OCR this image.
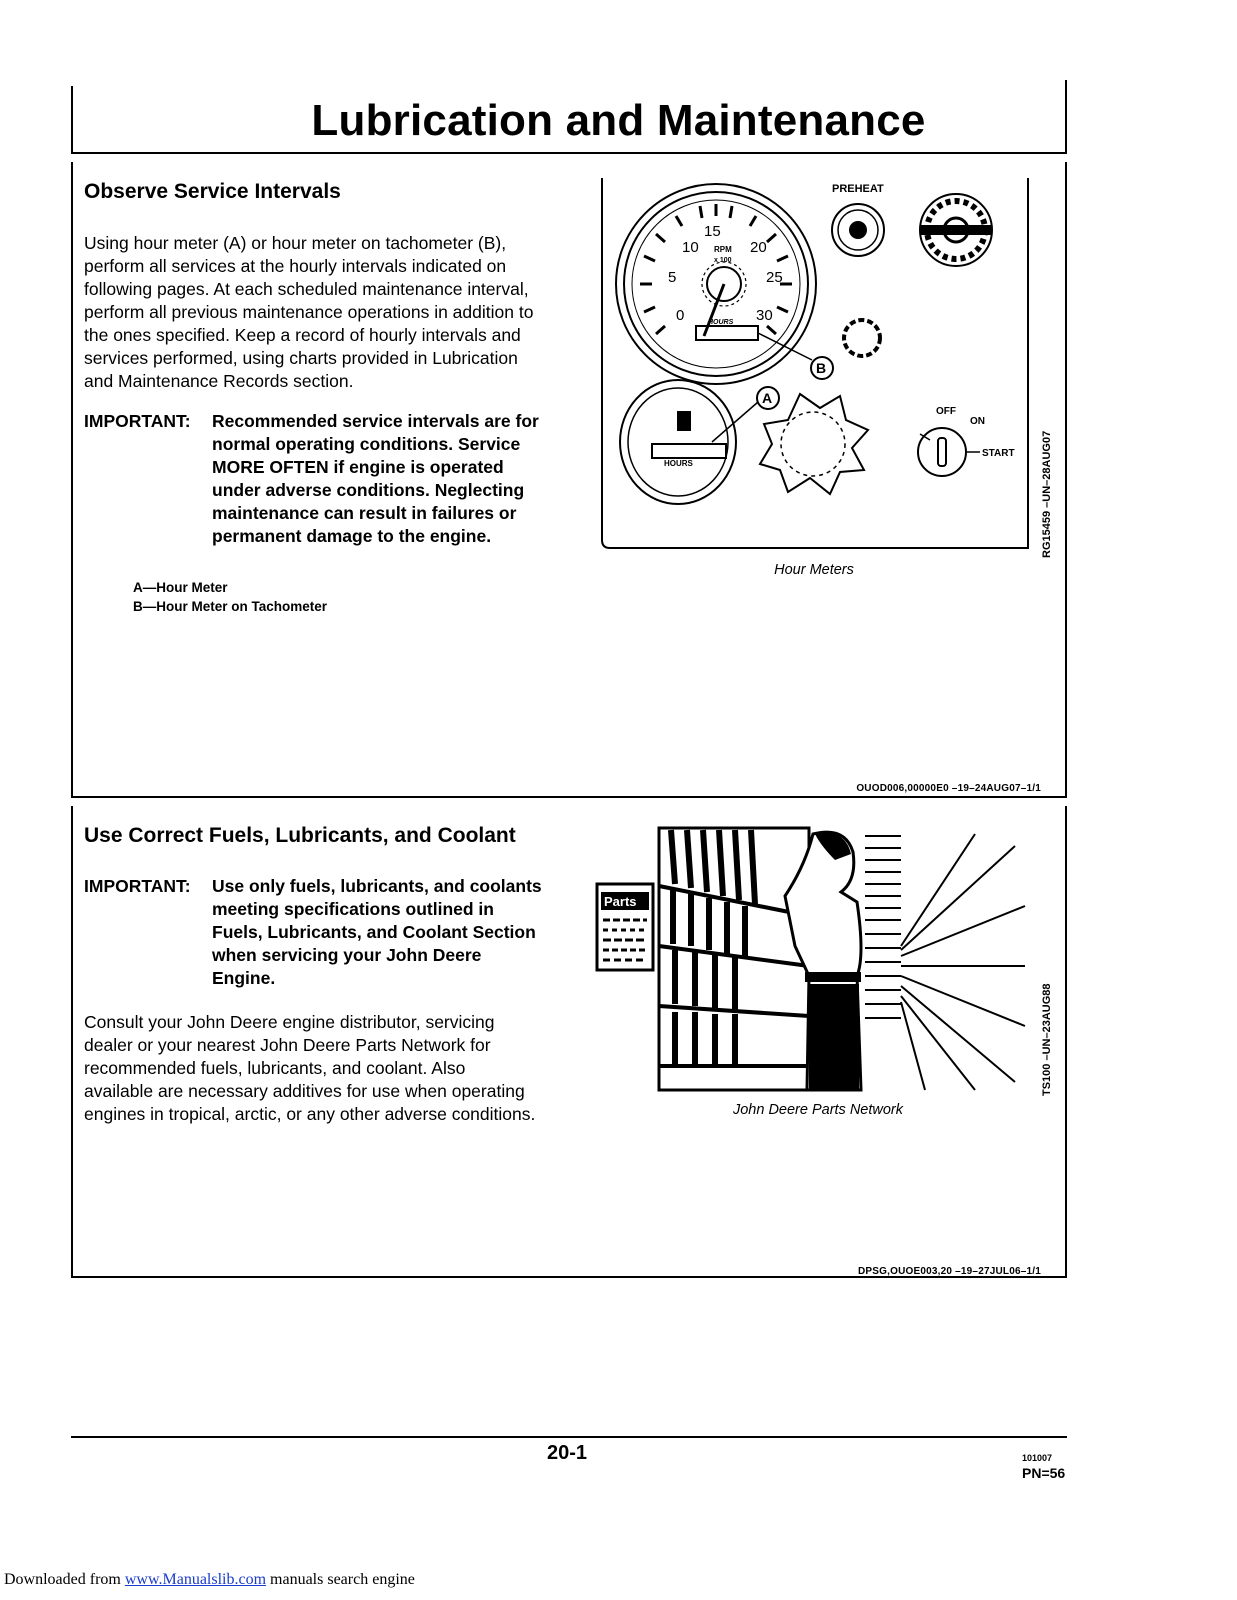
Lubrication and Maintenance
Observe Service Intervals
Using hour meter (A) or hour meter on tachometer (B),
perform all services at the hourly intervals indicated on
following pages. At each scheduled maintenance interval,
perform all previous maintenance operations in addition to
the ones specified. Keep a record of hourly intervals and
services performed, using charts provided in Lubrication
and Maintenance Records section.
IMPORTANT:	Recommended service intervals are for
normal operating conditions. Service
MORE OFTEN if engine is operated
under adverse conditions. Neglecting
maintenance can result in failures or
permanent damage to the engine.
A—Hour Meter
B—Hour Meter on Tachometer
15
10	20
5	25
0	30
RPM
x 100
HOURS
PREHEAT
HOURS
OFF
ON
START
B
A
RG15459 –UN–28AUG07
Hour Meters
OUOD006,00000E0 –19–24AUG07–1/1
Use Correct Fuels, Lubricants, and Coolant
IMPORTANT:	Use only fuels, lubricants, and coolants
meeting specifications outlined in
Fuels, Lubricants, and Coolant Section
when servicing your John Deere
Engine.
Consult your John Deere engine distributor, servicing
dealer or your nearest John Deere Parts Network for
recommended fuels, lubricants, and coolant. Also
available are necessary additives for use when operating
engines in tropical, arctic, or any other adverse conditions.
Parts
TS100 –UN–23AUG88
John Deere Parts Network
DPSG,OUOE003,20 –19–27JUL06–1/1
20-1	101007
PN=56
Downloaded from www.Manualslib.com manuals search engine
